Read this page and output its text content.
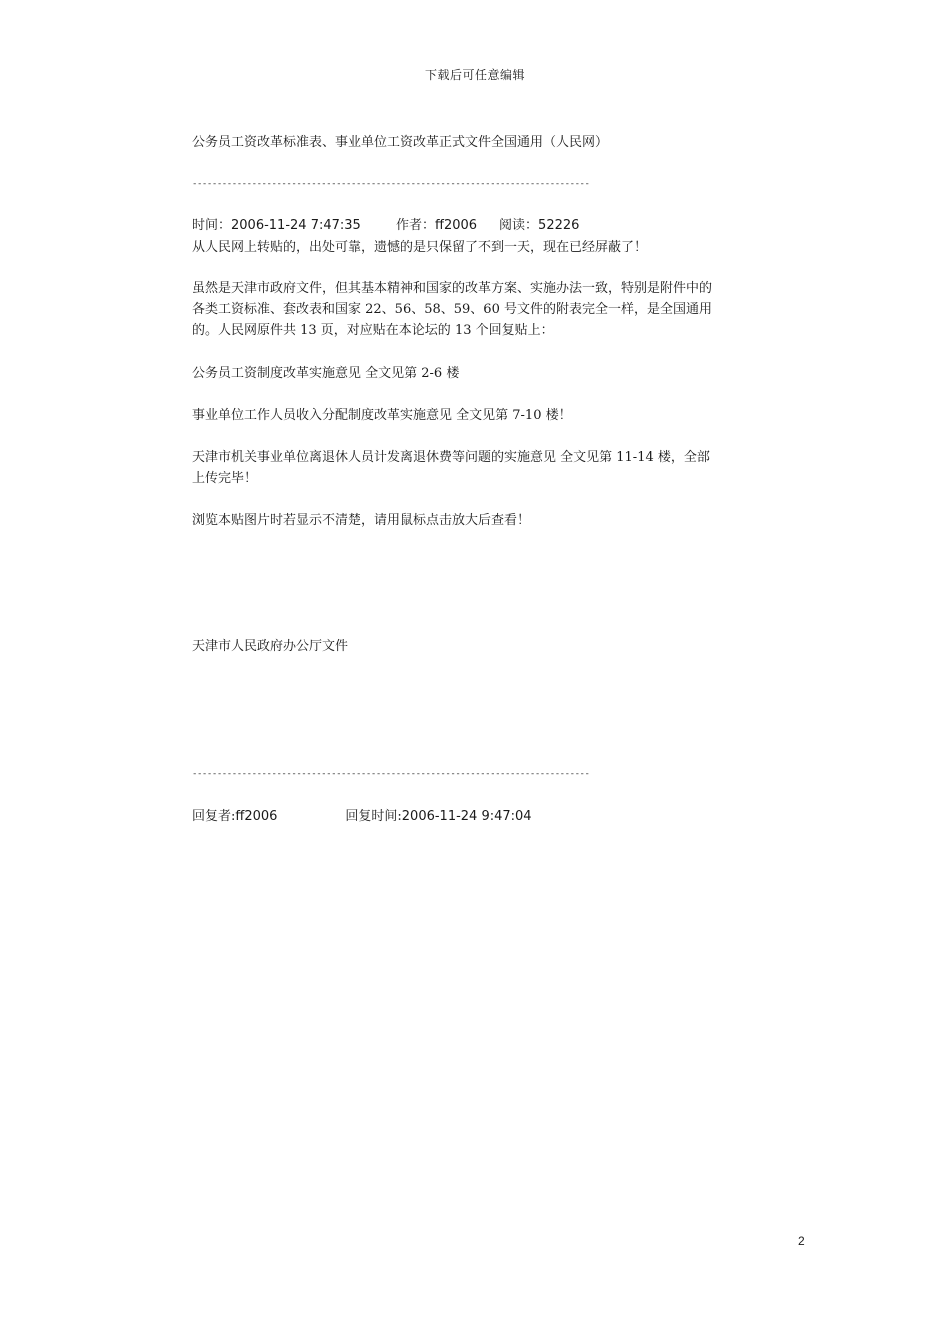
下载后可任意编辑
公务员工资改革标准表、事业单位工资改革正式文件全国通用（人民网）
--------------------------------------------------------------------------------
时间：2006-11-24 7:47:35	作者：ff2006 阅读：52226
从人民网上转贴的，出处可靠，遗憾的是只保留了不到一天，现在已经屏蔽了！
虽然是天津市政府文件，但其基本精神和国家的改革方案、实施办法一致，特别是附件中的
各类工资标准、套改表和国家 22、56、58、59、60 号文件的附表完全一样，是全国通用
的。人民网原件共 13 页，对应贴在本论坛的 13 个回复贴上：
公务员工资制度改革实施意见 全文见第 2-6 楼
事业单位工作人员收入分配制度改革实施意见 全文见第 7-10 楼！
天津市机关事业单位离退休人员计发离退休费等问题的实施意见 全文见第 11-14 楼，全部
上传完毕！
浏览本贴图片时若显示不清楚，请用鼠标点击放大后查看！
天津市人民政府办公厅文件
--------------------------------------------------------------------------------
回复者:ff2006	回复时间:2006-11-24 9:47:04
2
